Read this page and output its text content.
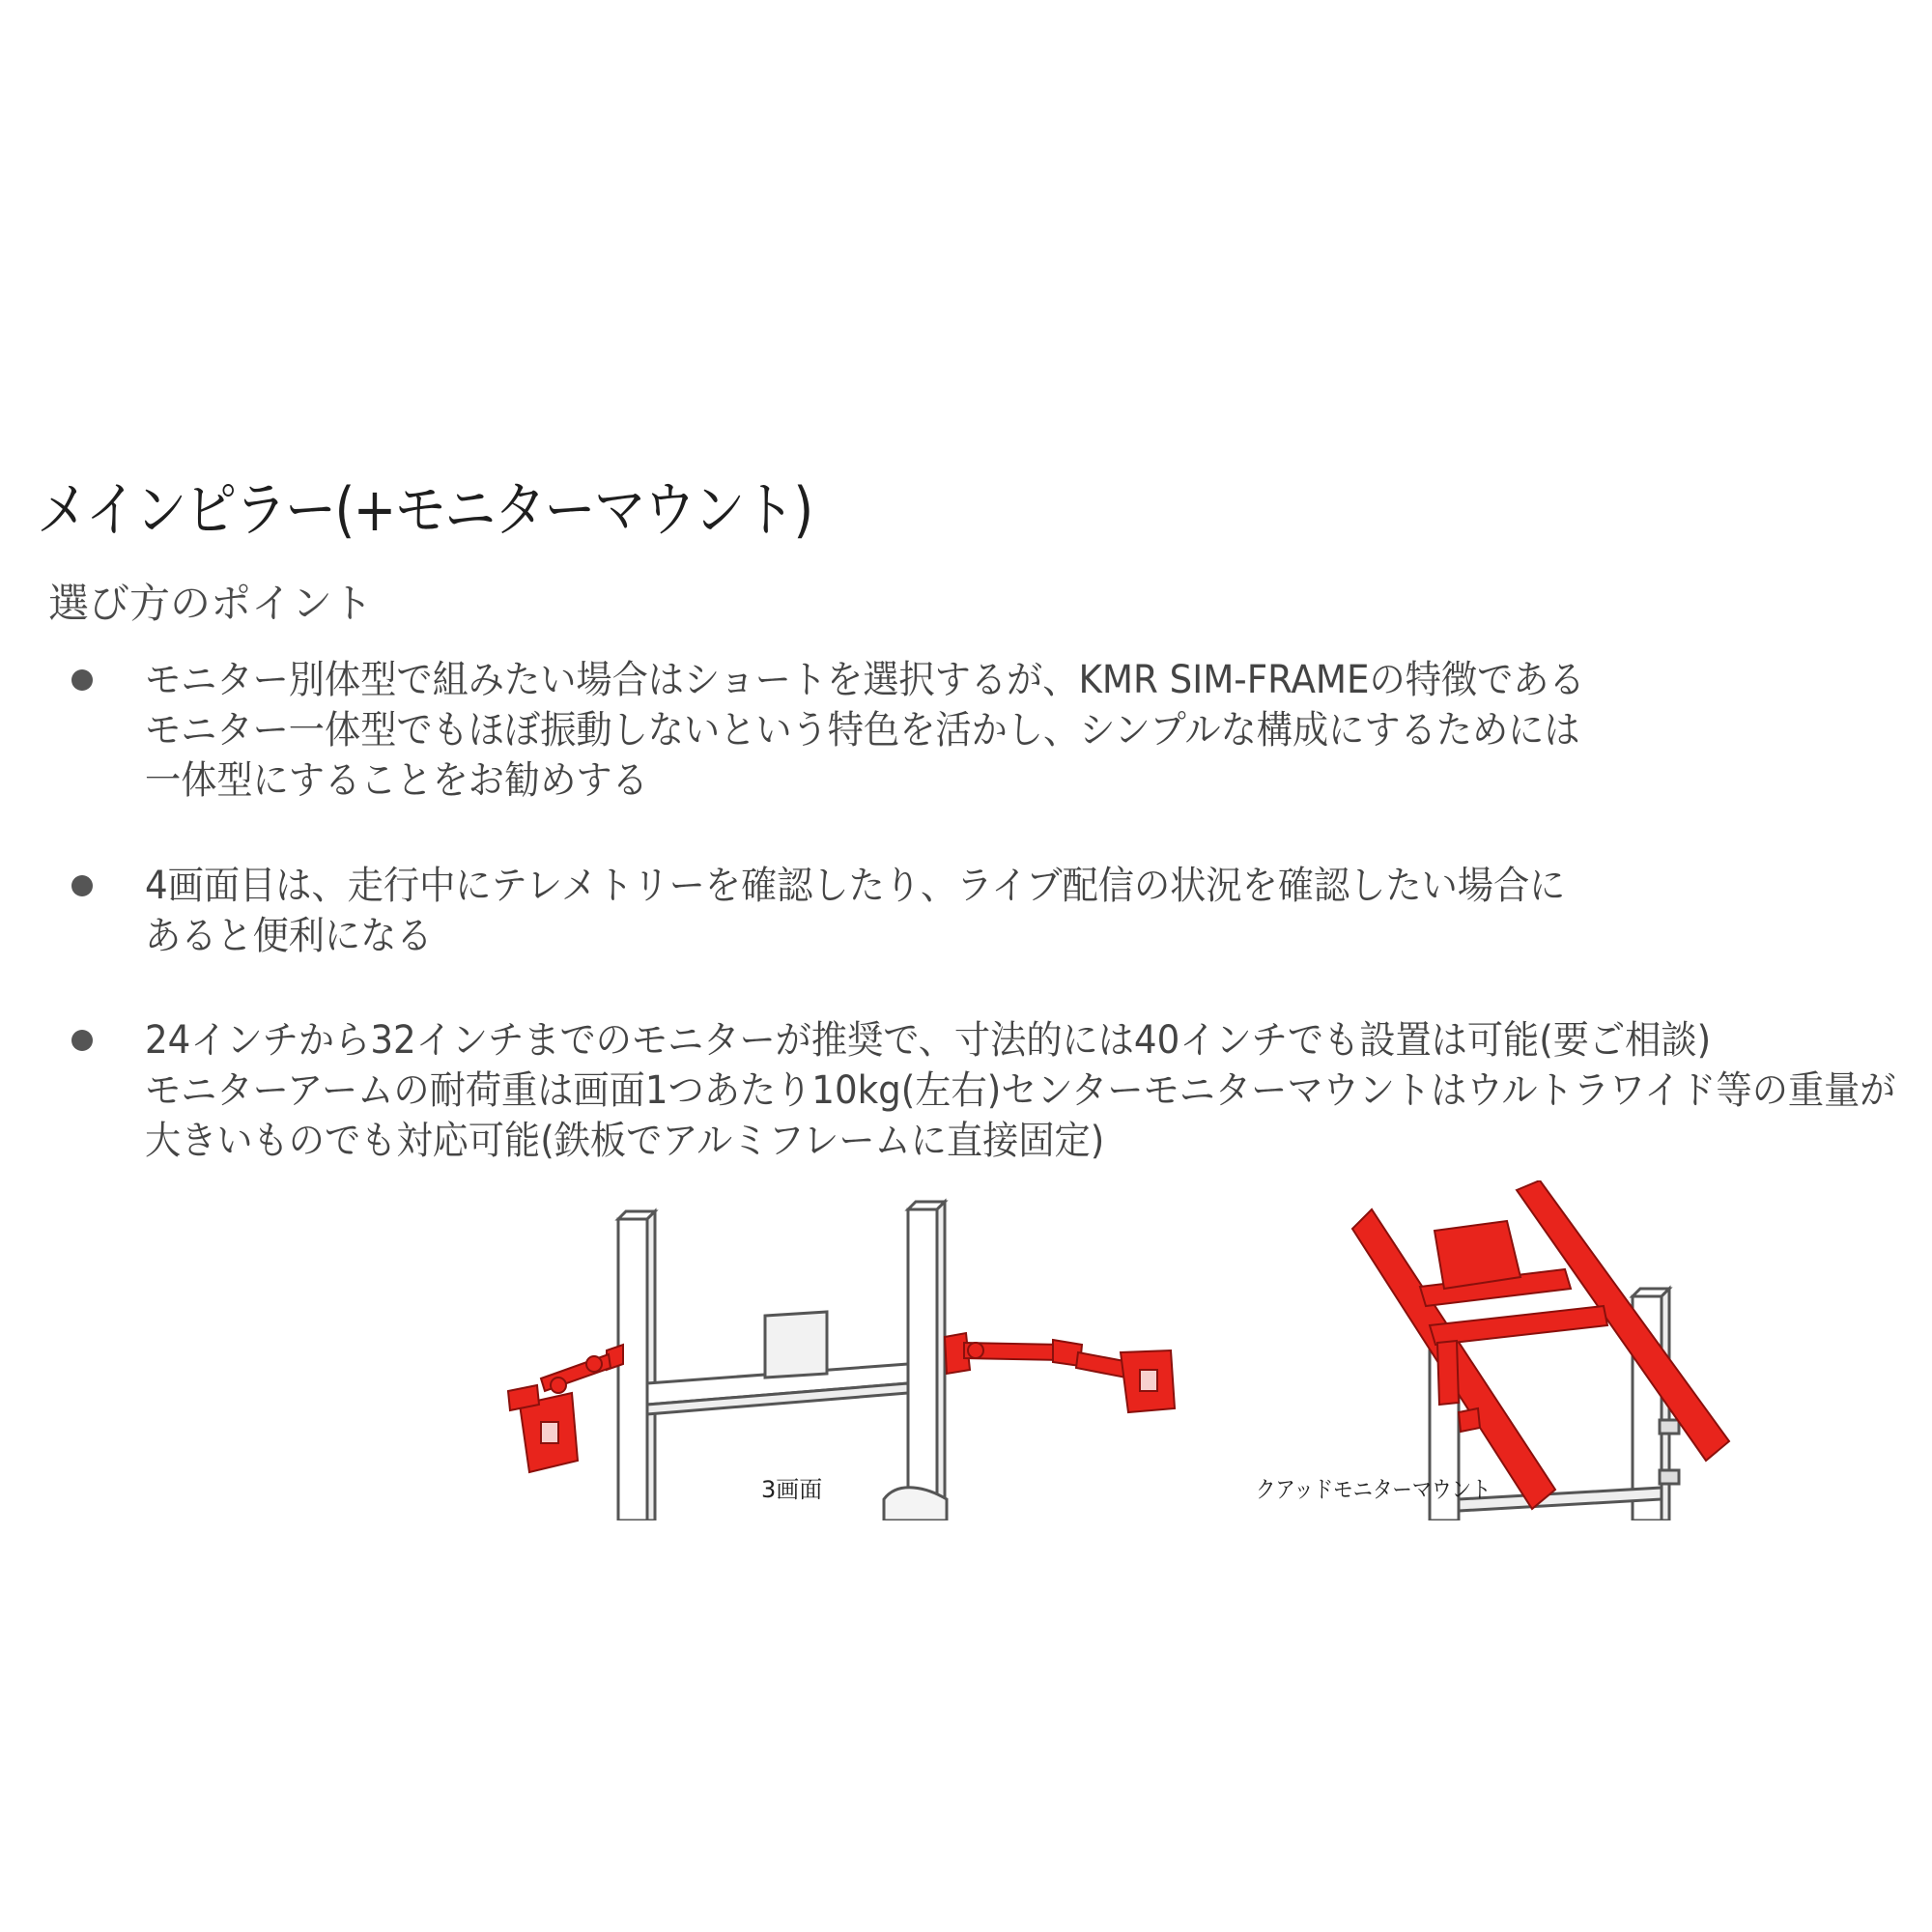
メインピラー(+モニターマウント)
選び方のポイント
モニター別体型で組みたい場合はショートを選択するが、KMR SIM-FRAMEの特徴である
モニター一体型でもほぼ振動しないという特色を活かし、シンプルな構成にするためには
一体型にすることをお勧めする
4画面目は、走行中にテレメトリーを確認したり、ライブ配信の状況を確認したい場合に
あると便利になる
24インチから32インチまでのモニターが推奨で、寸法的には40インチでも設置は可能(要ご相談)
モニターアームの耐荷重は画面1つあたり10kg(左右)センターモニターマウントはウルトラワイド等の重量が
大きいものでも対応可能(鉄板でアルミフレームに直接固定)
3画面	クアッドモニターマウント
